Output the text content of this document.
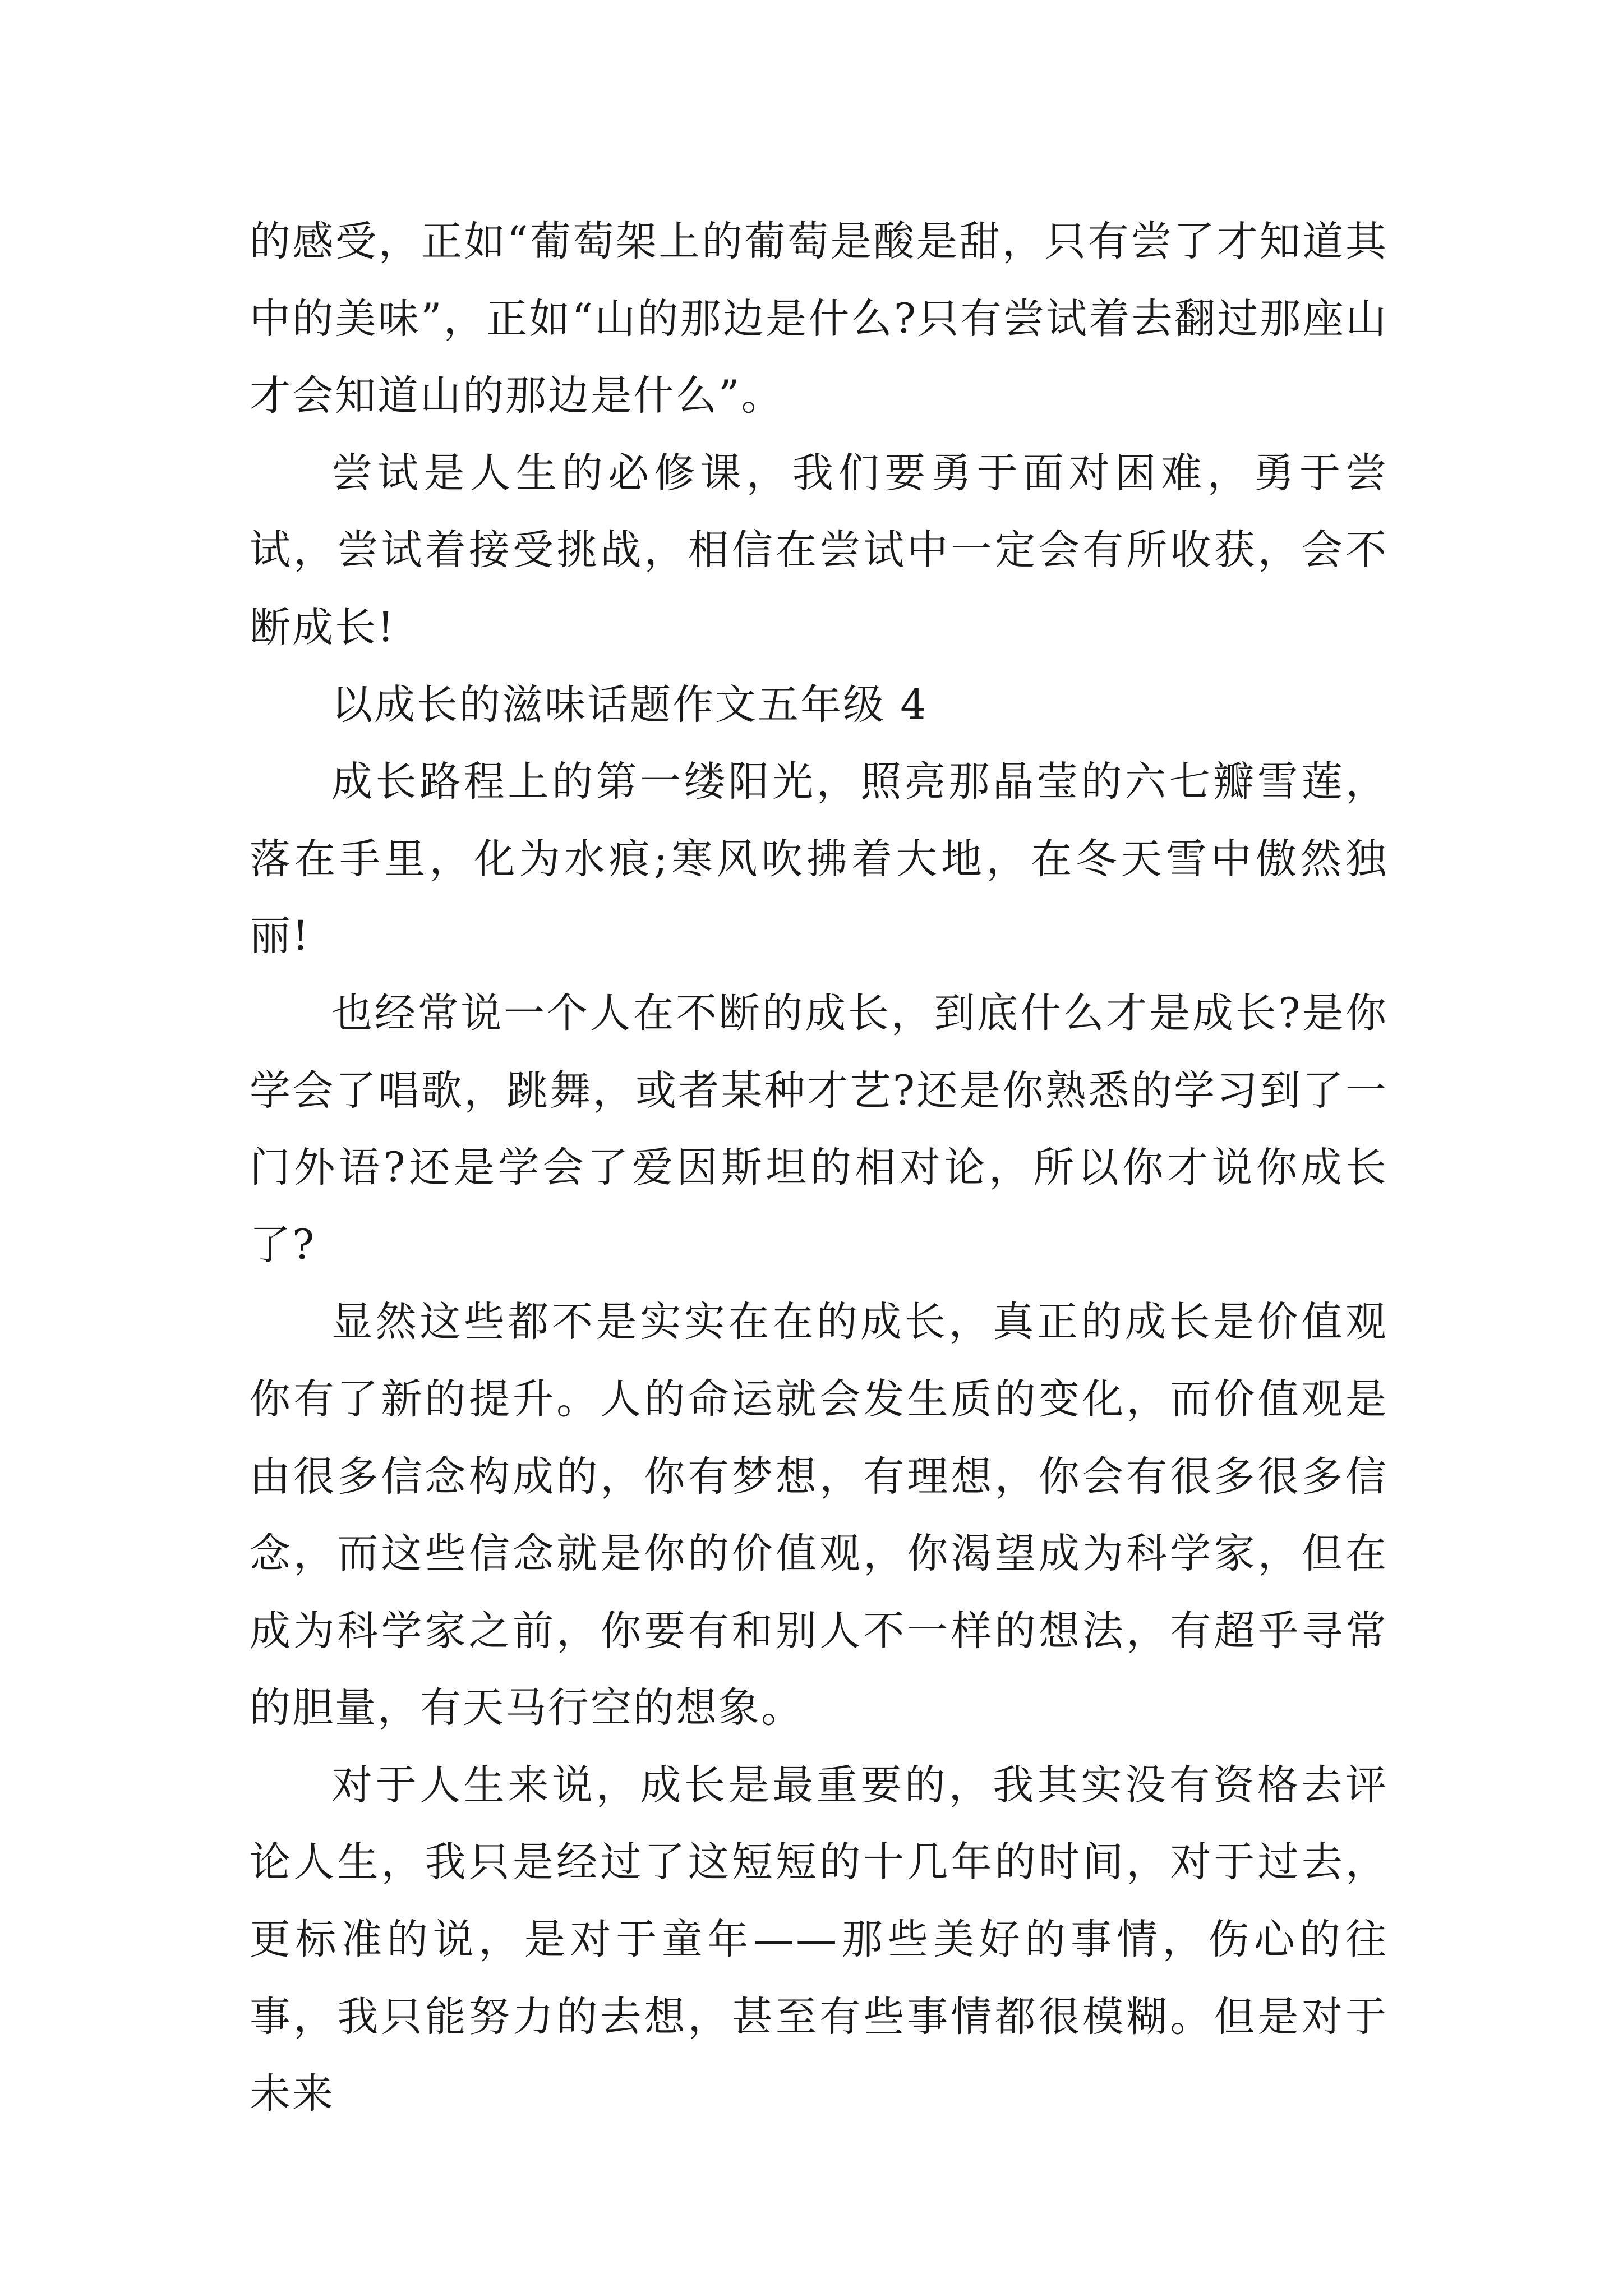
的感受，正如“葡萄架上的葡萄是酸是甜，只有尝了才知道其中的美味”，正如“山的那边是什么?只有尝试着去翻过那座山才会知道山的那边是什么”。

尝试是人生的必修课，我们要勇于面对困难，勇于尝试，尝试着接受挑战，相信在尝试中一定会有所收获，会不断成长!

以成长的滋味话题作文五年级 4

成长路程上的第一缕阳光，照亮那晶莹的六七瓣雪莲，落在手里，化为水痕;寒风吹拂着大地，在冬天雪中傲然独丽!

也经常说一个人在不断的成长，到底什么才是成长?是你学会了唱歌，跳舞，或者某种才艺?还是你熟悉的学习到了一门外语?还是学会了爱因斯坦的相对论，所以你才说你成长了?

显然这些都不是实实在在的成长，真正的成长是价值观你有了新的提升。人的命运就会发生质的变化，而价值观是由很多信念构成的，你有梦想，有理想，你会有很多很多信念，而这些信念就是你的价值观，你渴望成为科学家，但在成为科学家之前，你要有和别人不一样的想法，有超乎寻常的胆量，有天马行空的想象。

对于人生来说，成长是最重要的，我其实没有资格去评论人生，我只是经过了这短短的十几年的时间，对于过去，更标准的说，是对于童年——那些美好的事情，伤心的往事，我只能努力的去想，甚至有些事情都很模糊。但是对于未来
